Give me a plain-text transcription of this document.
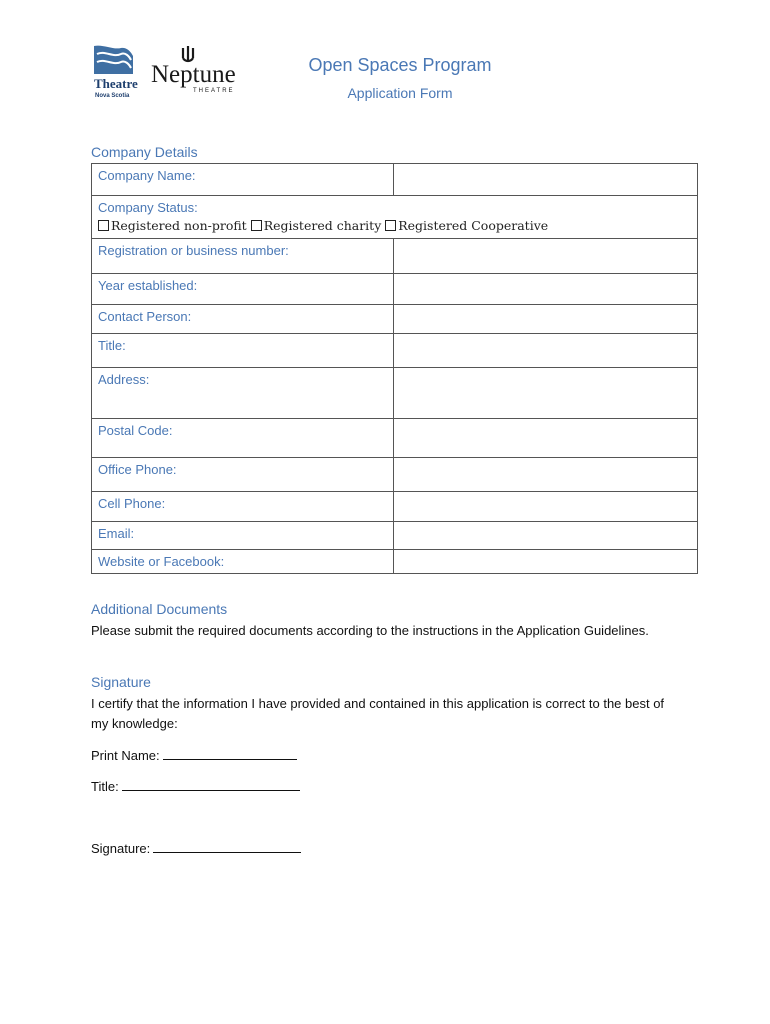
Theatre
Nova Scotia
Neptune
THEATRE
Open Spaces Program
Application Form
Company Details
Company Name:	

Company Status:
Registered non-profit Registered charity Registered Cooperative	

Registration or business number:	
Year established:	
Contact Person:	
Title:	
Address:	
Postal Code:	
Office Phone:	
Cell Phone:	
Email:	
Website or Facebook:	
Additional Documents
Please submit the required documents according to the instructions in the Application Guidelines.
Signature
I certify that the information I have provided and contained in this application is correct to the best of my knowledge:
Print Name:
Title:
Signature:
